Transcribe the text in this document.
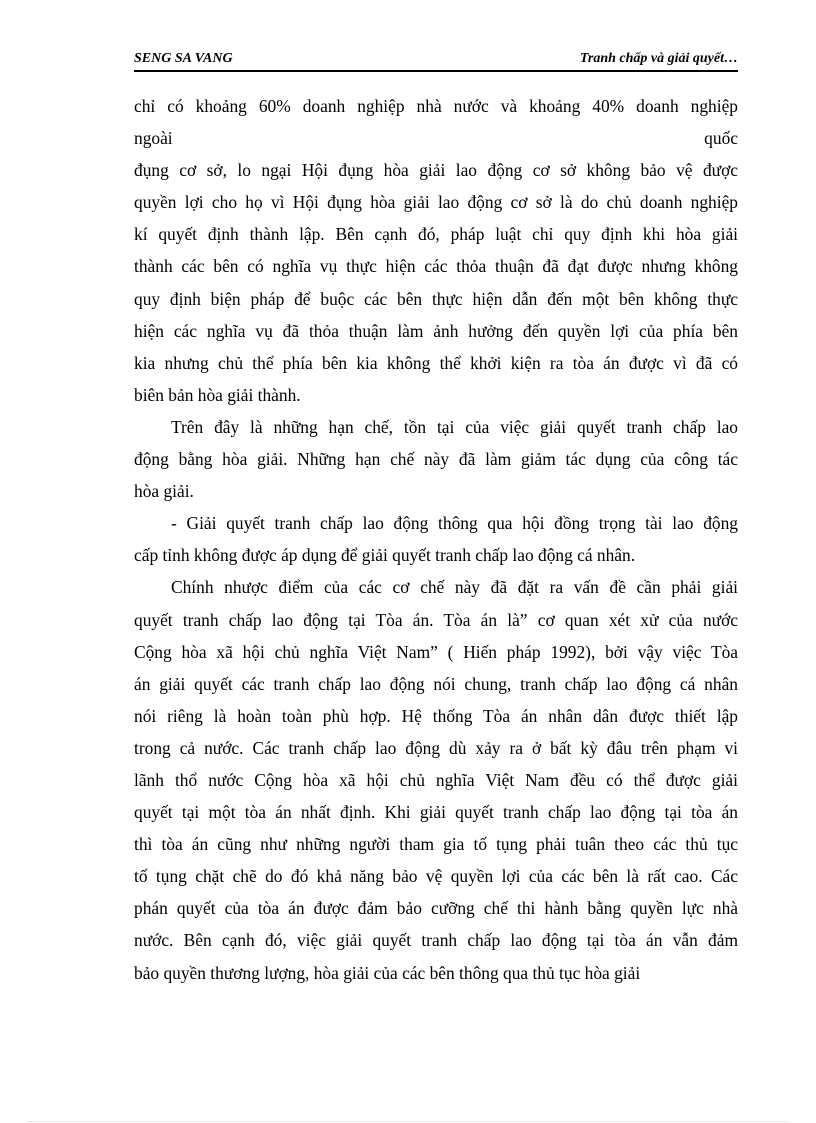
SENG SA VANG	Tranh chấp và giải quyết…
chỉ có khoảng 60% doanh nghiệp nhà nước và khoảng 40% doanh nghiệp
ngoài quốc
đụng cơ sở, lo ngại Hội đụng hòa giải lao động cơ sở không bảo vệ được
quyền lợi cho họ vì Hội đụng hòa giải lao động cơ sở là do chủ doanh nghiệp
kí quyết định thành lập. Bên cạnh đó, pháp luật chỉ quy định khi hòa giải
thành các bên có nghĩa vụ thực hiện các thỏa thuận đã đạt được nhưng không
quy định biện pháp để buộc các bên thực hiện dẫn đến một bên không thực
hiện các nghĩa vụ đã thỏa thuận làm ảnh hưởng đến quyền lợi của phía bên
kia nhưng chủ thể phía bên kia không thể khởi kiện ra tòa án được vì đã có
biên bản hòa giải thành.
Trên đây là những hạn chế, tồn tại của việc giải quyết tranh chấp lao
động bằng hòa giải. Những hạn chế này đã làm giảm tác dụng của công tác
hòa giải.
- Giải quyết tranh chấp lao động thông qua hội đồng trọng tài lao động
cấp tỉnh không được áp dụng để giải quyết tranh chấp lao động cá nhân.
Chính nhược điểm của các cơ chế này đã đặt ra vấn đề cần phải giải
quyết tranh chấp lao động tại Tòa án. Tòa án là” cơ quan xét xử của nước
Cộng hòa xã hội chủ nghĩa Việt Nam” ( Hiến pháp 1992), bởi vậy việc Tòa
án giải quyết các tranh chấp lao động nói chung, tranh chấp lao động cá nhân
nói riêng là hoàn toàn phù hợp. Hệ thống Tòa án nhân dân được thiết lập
trong cả nước. Các tranh chấp lao động dù xảy ra ở bất kỳ đâu trên phạm vi
lãnh thổ nước Cộng hòa xã hội chủ nghĩa Việt Nam đều có thể được giải
quyết tại một tòa án nhất định. Khi giải quyết tranh chấp lao động tại tòa án
thì tòa án cũng như những người tham gia tố tụng phải tuân theo các thủ tục
tố tụng chặt chẽ do đó khả năng bảo vệ quyền lợi của các bên là rất cao. Các
phán quyết của tòa án được đảm bảo cưỡng chế thi hành bằng quyền lực nhà
nước. Bên cạnh đó, việc giải quyết tranh chấp lao động tại tòa án vẫn đảm
bảo quyền thương lượng, hòa giải của các bên thông qua thủ tục hòa giải
